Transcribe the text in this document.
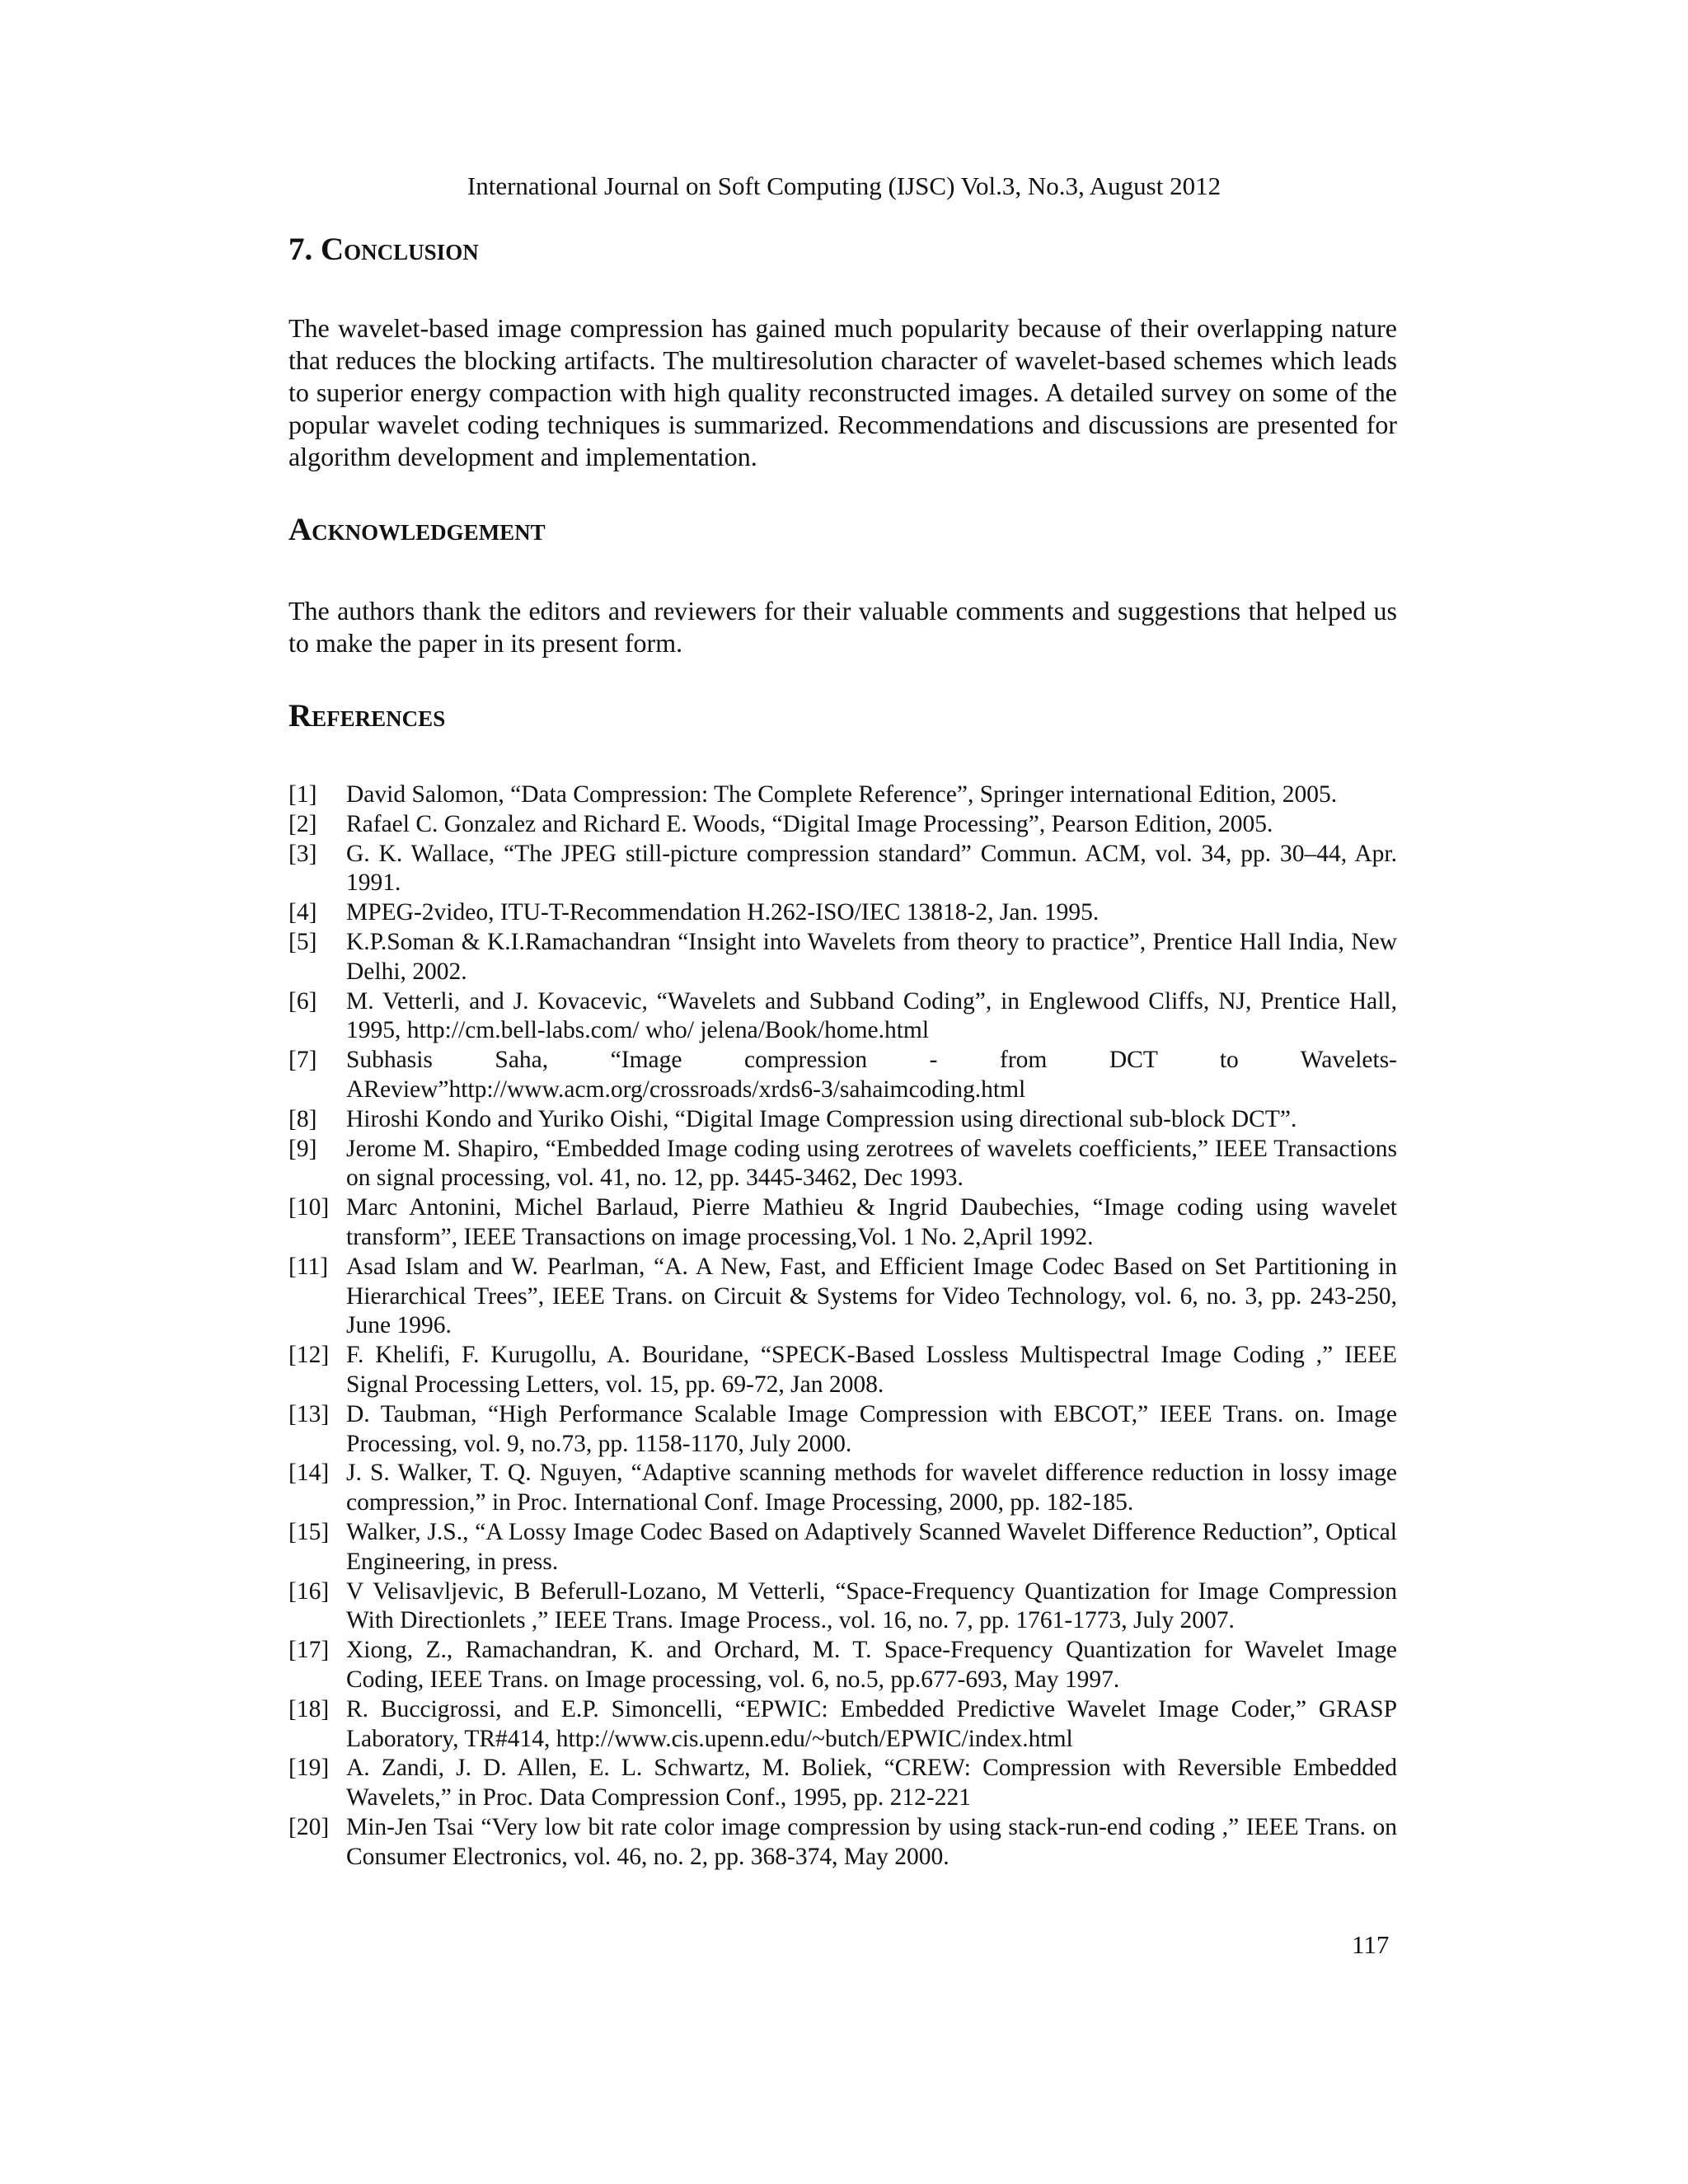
International Journal on Soft Computing (IJSC) Vol.3, No.3, August 2012
7. Conclusion

The wavelet-based image compression has gained much popularity because of their overlapping nature that reduces the blocking artifacts. The multiresolution character of wavelet-based schemes which leads to superior energy compaction with high quality reconstructed images. A detailed survey on some of the popular wavelet coding techniques is summarized. Recommendations and discussions are presented for algorithm development and implementation.

Acknowledgement

The authors thank the editors and reviewers for their valuable comments and suggestions that helped us to make the paper in its present form.

References
[1]	David Salomon, “Data Compression: The Complete Reference”, Springer international Edition, 2005.
[2]	Rafael C. Gonzalez and Richard E. Woods, “Digital Image Processing”, Pearson Edition, 2005.
[3]	G. K. Wallace, “The JPEG still-picture compression standard” Commun. ACM, vol. 34, pp. 30–44, Apr. 1991.
[4]	MPEG-2video, ITU-T-Recommendation H.262-ISO/IEC 13818-2, Jan. 1995.
[5]	K.P.Soman & K.I.Ramachandran “Insight into Wavelets from theory to practice”, Prentice Hall India, New Delhi, 2002.
[6]	M. Vetterli, and J. Kovacevic, “Wavelets and Subband Coding”, in Englewood Cliffs, NJ, Prentice Hall, 1995, http://cm.bell-labs.com/ who/ jelena/Book/home.html
[7]	Subhasis Saha, “Image compression - from DCT to Wavelets-AReview”http://www.acm.org/crossroads/xrds6-3/sahaimcoding.html
[8]	Hiroshi Kondo and Yuriko Oishi, “Digital Image Compression using directional sub-block DCT”.
[9]	Jerome M. Shapiro, “Embedded Image coding using zerotrees of wavelets coefficients,” IEEE Transactions on signal processing, vol. 41, no. 12, pp. 3445-3462, Dec 1993.
[10] Marc Antonini, Michel Barlaud, Pierre Mathieu & Ingrid Daubechies, “Image coding using wavelet transform”, IEEE Transactions on image processing,Vol. 1 No. 2,April 1992.
[11] Asad Islam and W. Pearlman, “A. A New, Fast, and Efficient Image Codec Based on Set Partitioning in Hierarchical Trees”, IEEE Trans. on Circuit & Systems for Video Technology, vol. 6, no. 3, pp. 243-250, June 1996.
[12] F. Khelifi, F. Kurugollu, A. Bouridane, “SPECK-Based Lossless Multispectral Image Coding ,” IEEE Signal Processing Letters, vol. 15, pp. 69-72, Jan 2008.
[13] D. Taubman, “High Performance Scalable Image Compression with EBCOT,” IEEE Trans. on. Image Processing, vol. 9, no.73, pp. 1158-1170, July 2000.
[14] J. S. Walker, T. Q. Nguyen, “Adaptive scanning methods for wavelet difference reduction in lossy image compression,” in Proc. International Conf. Image Processing, 2000, pp. 182-185.
[15] Walker, J.S., “A Lossy Image Codec Based on Adaptively Scanned Wavelet Difference Reduction”, Optical Engineering, in press.
[16] V Velisavljevic, B Beferull-Lozano, M Vetterli, “Space-Frequency Quantization for Image Compression With Directionlets ,” IEEE Trans. Image Process., vol. 16, no. 7, pp. 1761-1773, July 2007.
[17] Xiong, Z., Ramachandran, K. and Orchard, M. T. Space-Frequency Quantization for Wavelet Image Coding, IEEE Trans. on Image processing, vol. 6, no.5, pp.677-693, May 1997.
[18] R. Buccigrossi, and E.P. Simoncelli, “EPWIC: Embedded Predictive Wavelet Image Coder,” GRASP Laboratory, TR#414, http://www.cis.upenn.edu/~butch/EPWIC/index.html
[19] A. Zandi, J. D. Allen, E. L. Schwartz, M. Boliek, “CREW: Compression with Reversible Embedded Wavelets,” in Proc. Data Compression Conf., 1995, pp. 212-221
[20] Min-Jen Tsai “Very low bit rate color image compression by using stack-run-end coding ,” IEEE Trans. on Consumer Electronics, vol. 46, no. 2, pp. 368-374, May 2000.
117
